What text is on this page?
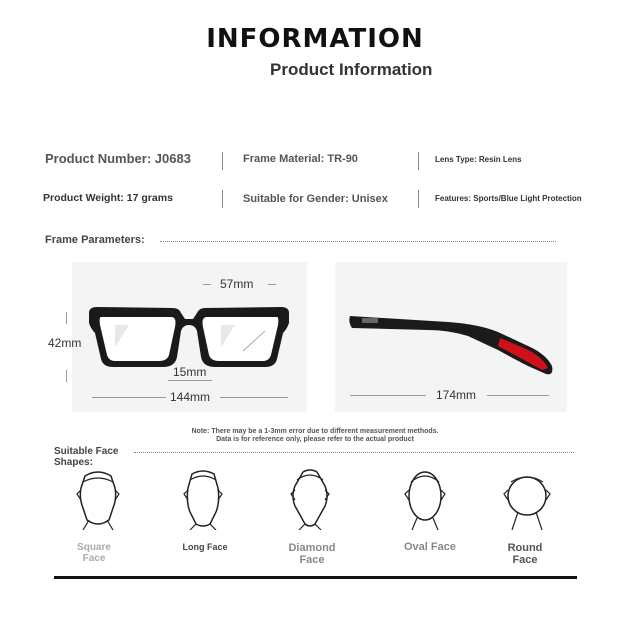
INFORMATION
Product Information
Product Number: J0683	Frame Material: TR-90	Lens Type: Resin Lens
Product Weight: 17 grams	Suitable for Gender: Unisex	Features: Sports/Blue Light Protection
Frame Parameters:
57mm
42mm
15mm
144mm	174mm
Note: There may be a 1-3mm error due to different measurement methods.
Data is for reference only, please refer to the actual product
Suitable Face
Shapes:
Square
Face
Long Face	Diamond
Face
Oval Face	Round
Face
